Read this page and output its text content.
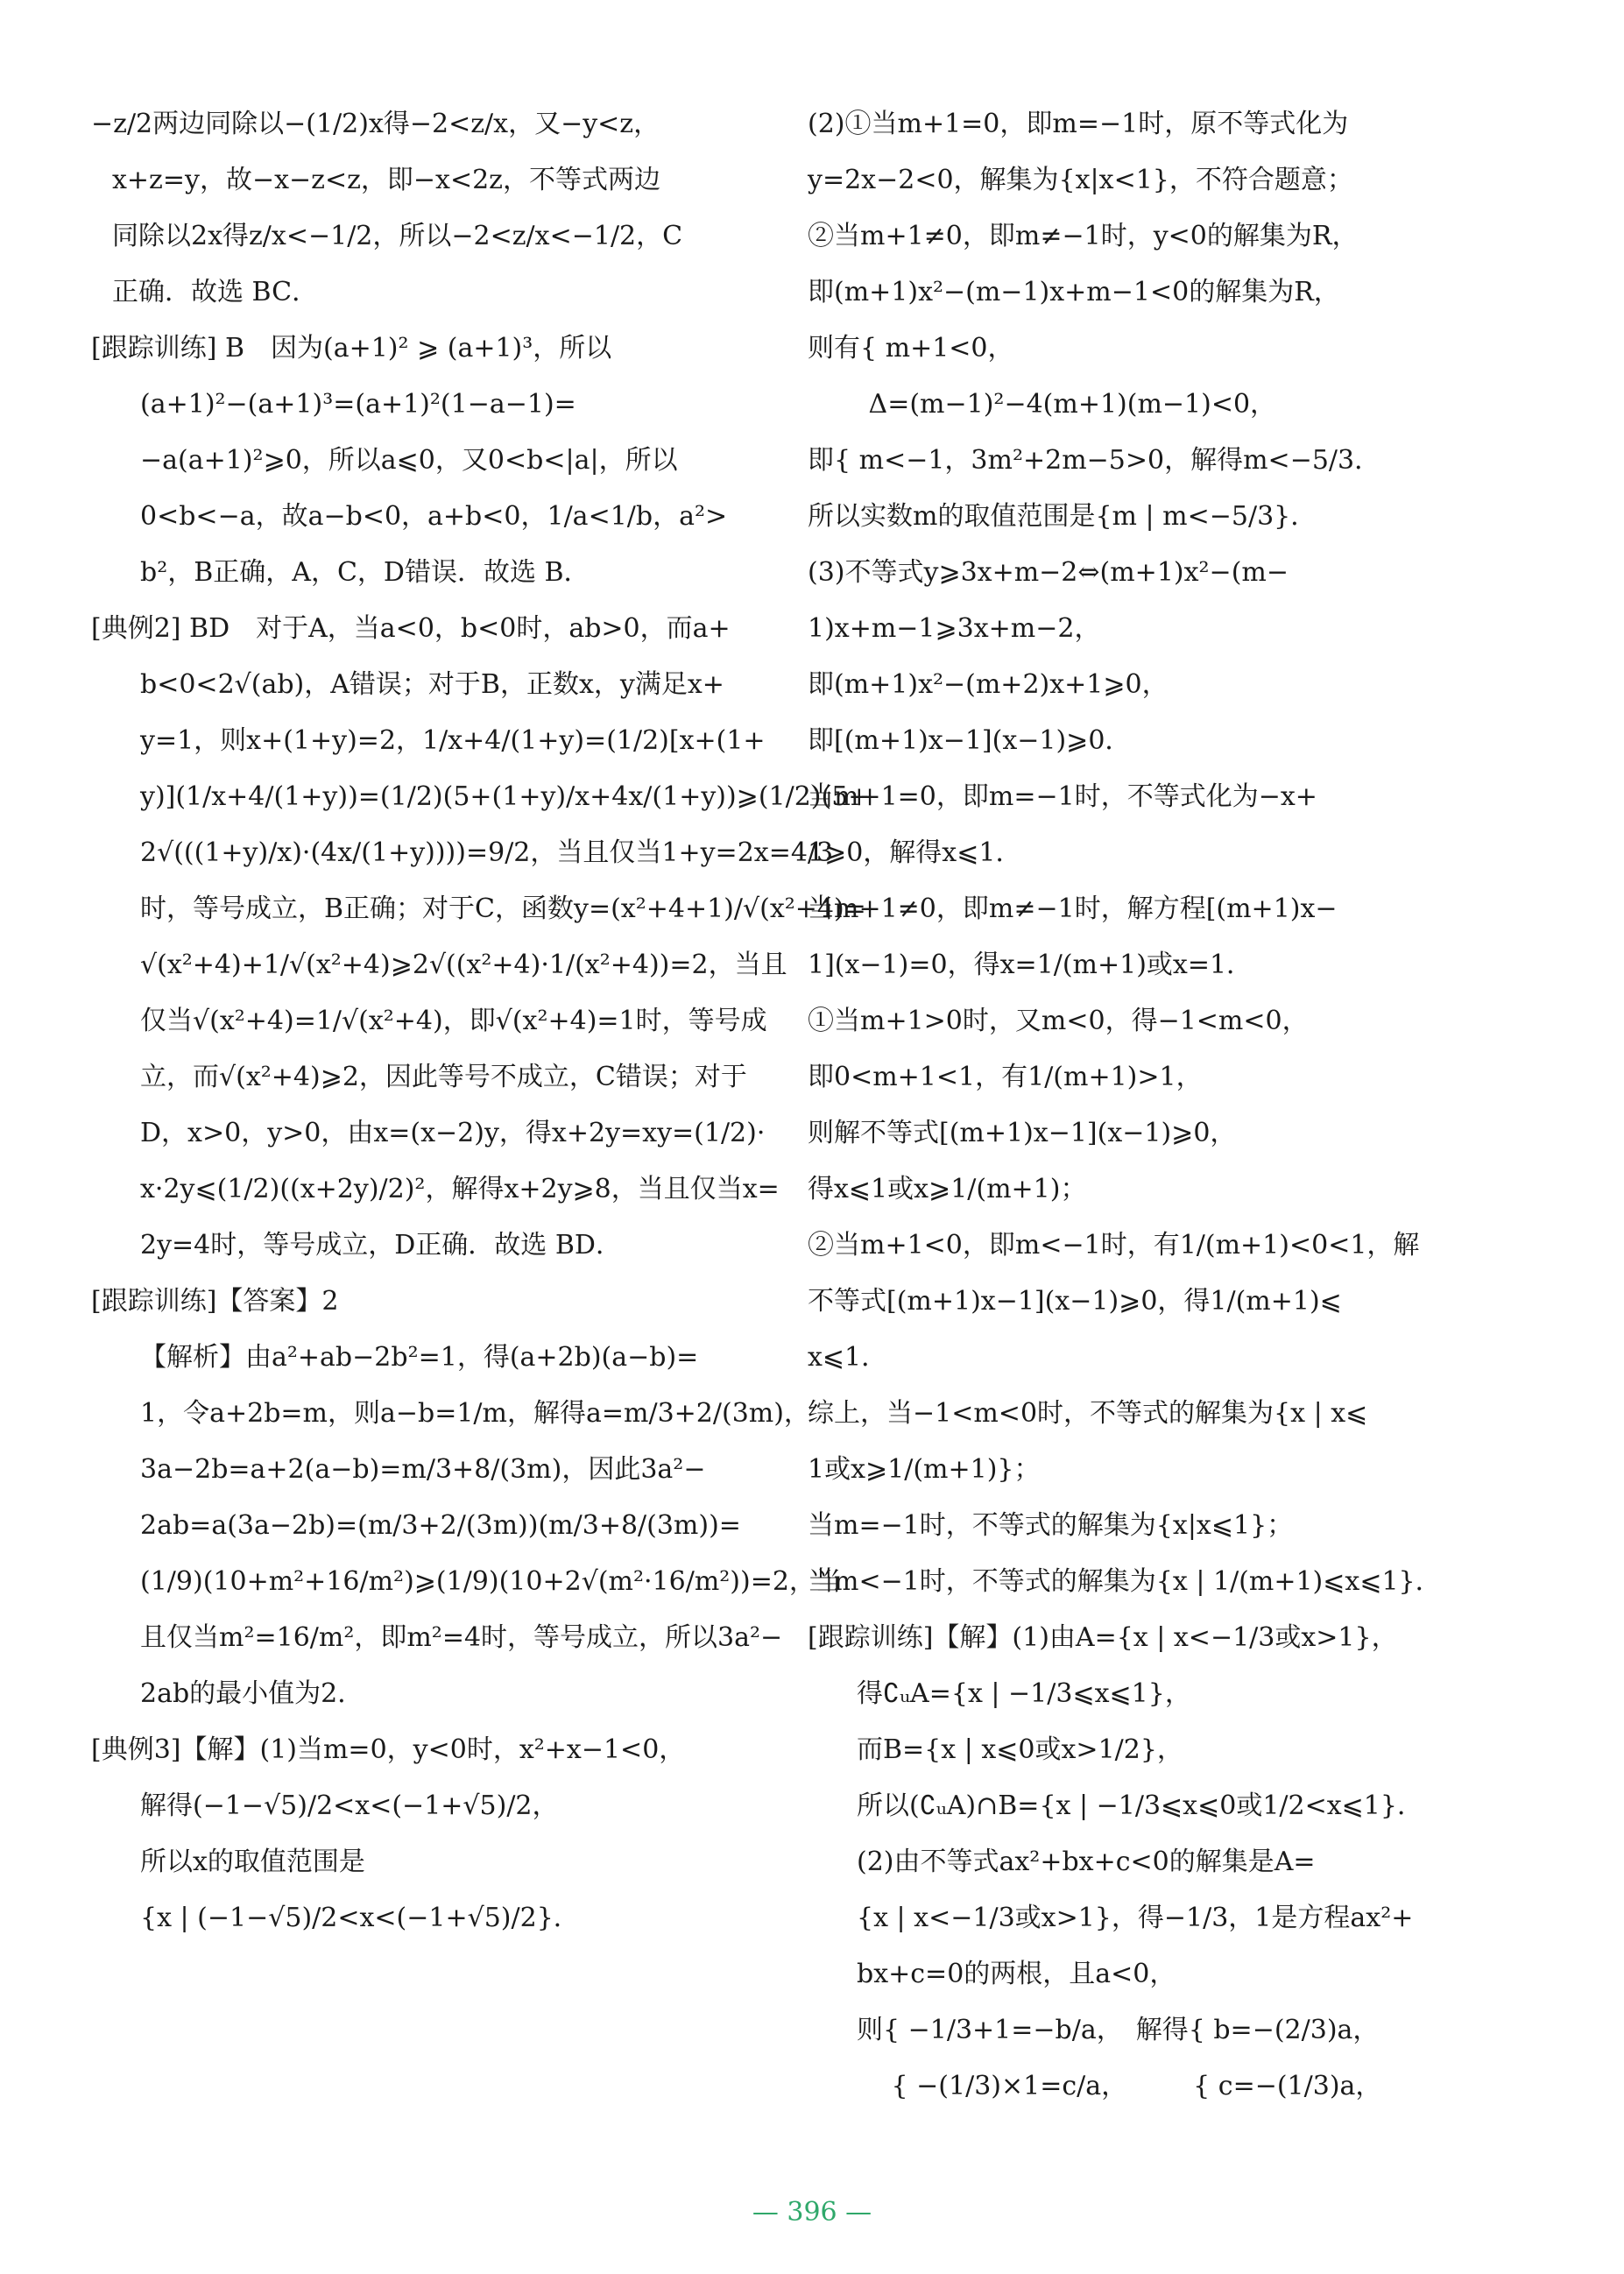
−z/2两边同除以−(1/2)x得−2<z/x，又−y<z，
x+z=y，故−x−z<z，即−x<2z，不等式两边
同除以2x得z/x<−1/2，所以−2<z/x<−1/2，C
正确．故选 BC．
[跟踪训练] B　因为(a+1)² ⩾ (a+1)³，所以
(a+1)²−(a+1)³=(a+1)²(1−a−1)=
−a(a+1)²⩾0，所以a⩽0，又0<b<|a|，所以
0<b<−a，故a−b<0，a+b<0，1/a<1/b，a²>
b²，B正确，A，C，D错误．故选 B．
[典例2] BD　对于A，当a<0，b<0时，ab>0，而a+
b<0<2√(ab)，A错误；对于B，正数x，y满足x+
y=1，则x+(1+y)=2，1/x+4/(1+y)=(1/2)[x+(1+
y)](1/x+4/(1+y))=(1/2)(5+(1+y)/x+4x/(1+y))⩾(1/2)(5+
2√(((1+y)/x)·(4x/(1+y))))=9/2，当且仅当1+y=2x=4/3
时，等号成立，B正确；对于C，函数y=(x²+4+1)/√(x²+4)=
√(x²+4)+1/√(x²+4)⩾2√((x²+4)·1/(x²+4))=2，当且
仅当√(x²+4)=1/√(x²+4)，即√(x²+4)=1时，等号成
立，而√(x²+4)⩾2，因此等号不成立，C错误；对于
D，x>0，y>0，由x=(x−2)y，得x+2y=xy=(1/2)·
x·2y⩽(1/2)((x+2y)/2)²，解得x+2y⩾8，当且仅当x=
2y=4时，等号成立，D正确．故选 BD．
[跟踪训练]【答案】2
【解析】由a²+ab−2b²=1，得(a+2b)(a−b)=
1，令a+2b=m，则a−b=1/m，解得a=m/3+2/(3m)，
3a−2b=a+2(a−b)=m/3+8/(3m)，因此3a²−
2ab=a(3a−2b)=(m/3+2/(3m))(m/3+8/(3m))=
(1/9)(10+m²+16/m²)⩾(1/9)(10+2√(m²·16/m²))=2，当
且仅当m²=16/m²，即m²=4时，等号成立，所以3a²−
2ab的最小值为2．
[典例3]【解】(1)当m=0，y<0时，x²+x−1<0，
解得(−1−√5)/2<x<(−1+√5)/2，
所以x的取值范围是
{x | (−1−√5)/2<x<(−1+√5)/2}．
(2)①当m+1=0，即m=−1时，原不等式化为
y=2x−2<0，解集为{x|x<1}，不符合题意；
②当m+1≠0，即m≠−1时，y<0的解集为R，
即(m+1)x²−(m−1)x+m−1<0的解集为R，
则有{ m+1<0，
　　 Δ=(m−1)²−4(m+1)(m−1)<0，
即{ m<−1，3m²+2m−5>0，解得m<−5/3．
所以实数m的取值范围是{m | m<−5/3}．
(3)不等式y⩾3x+m−2⇔(m+1)x²−(m−
1)x+m−1⩾3x+m−2，
即(m+1)x²−(m+2)x+1⩾0，
即[(m+1)x−1](x−1)⩾0．
当m+1=0，即m=−1时，不等式化为−x+
1⩾0，解得x⩽1．
当m+1≠0，即m≠−1时，解方程[(m+1)x−
1](x−1)=0，得x=1/(m+1)或x=1．
①当m+1>0时，又m<0，得−1<m<0，
即0<m+1<1，有1/(m+1)>1，
则解不等式[(m+1)x−1](x−1)⩾0，
得x⩽1或x⩾1/(m+1)；
②当m+1<0，即m<−1时，有1/(m+1)<0<1，解
不等式[(m+1)x−1](x−1)⩾0，得1/(m+1)⩽
x⩽1．
综上，当−1<m<0时，不等式的解集为{x | x⩽
1或x⩾1/(m+1)}；
当m=−1时，不等式的解集为{x|x⩽1}；
当m<−1时，不等式的解集为{x | 1/(m+1)⩽x⩽1}．
[跟踪训练]【解】(1)由A={x | x<−1/3或x>1}，
得∁ᵤA={x | −1/3⩽x⩽1}，
而B={x | x⩽0或x>1/2}，
所以(∁ᵤA)∩B={x | −1/3⩽x⩽0或1/2<x⩽1}．
(2)由不等式ax²+bx+c<0的解集是A=
{x | x<−1/3或x>1}，得−1/3，1是方程ax²+
bx+c=0的两根，且a<0，
则{ −1/3+1=−b/a，　解得{ b=−(2/3)a，
　 { −(1/3)×1=c/a，　　　{ c=−(1/3)a，
— 396 —
